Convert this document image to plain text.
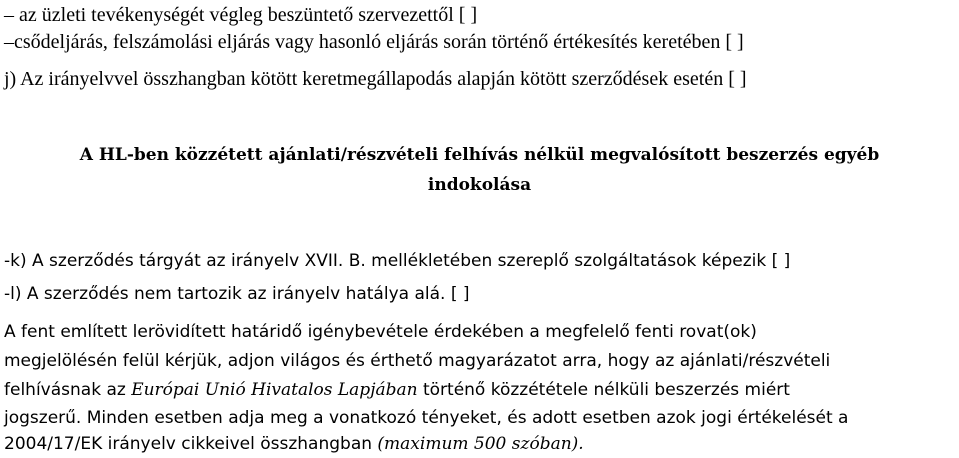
– az üzleti tevékenységét végleg beszüntető szervezettől [ ]
–csődeljárás, felszámolási eljárás vagy hasonló eljárás során történő értékesítés keretében [ ]
j) Az irányelvvel összhangban kötött keretmegállapodás alapján kötött szerződések esetén [ ]
A HL-ben közzétett ajánlati/részvételi felhívás nélkül megvalósított beszerzés egyéb
indokolása
-k) A szerződés tárgyát az irányelv XVII. B. mellékletében szereplő szolgáltatások képezik [ ]
-l) A szerződés nem tartozik az irányelv hatálya alá. [ ]
A fent említett lerövidített határidő igénybevétele érdekében a megfelelő fenti rovat(ok)
megjelölésén felül kérjük, adjon világos és érthető magyarázatot arra, hogy az ajánlati/részvételi
felhívásnak az Európai Unió Hivatalos Lapjában történő közzététele nélküli beszerzés miért
jogszerű. Minden esetben adja meg a vonatkozó tényeket, és adott esetben azok jogi értékelését a
2004/17/EK irányelv cikkeivel összhangban (maximum 500 szóban).
